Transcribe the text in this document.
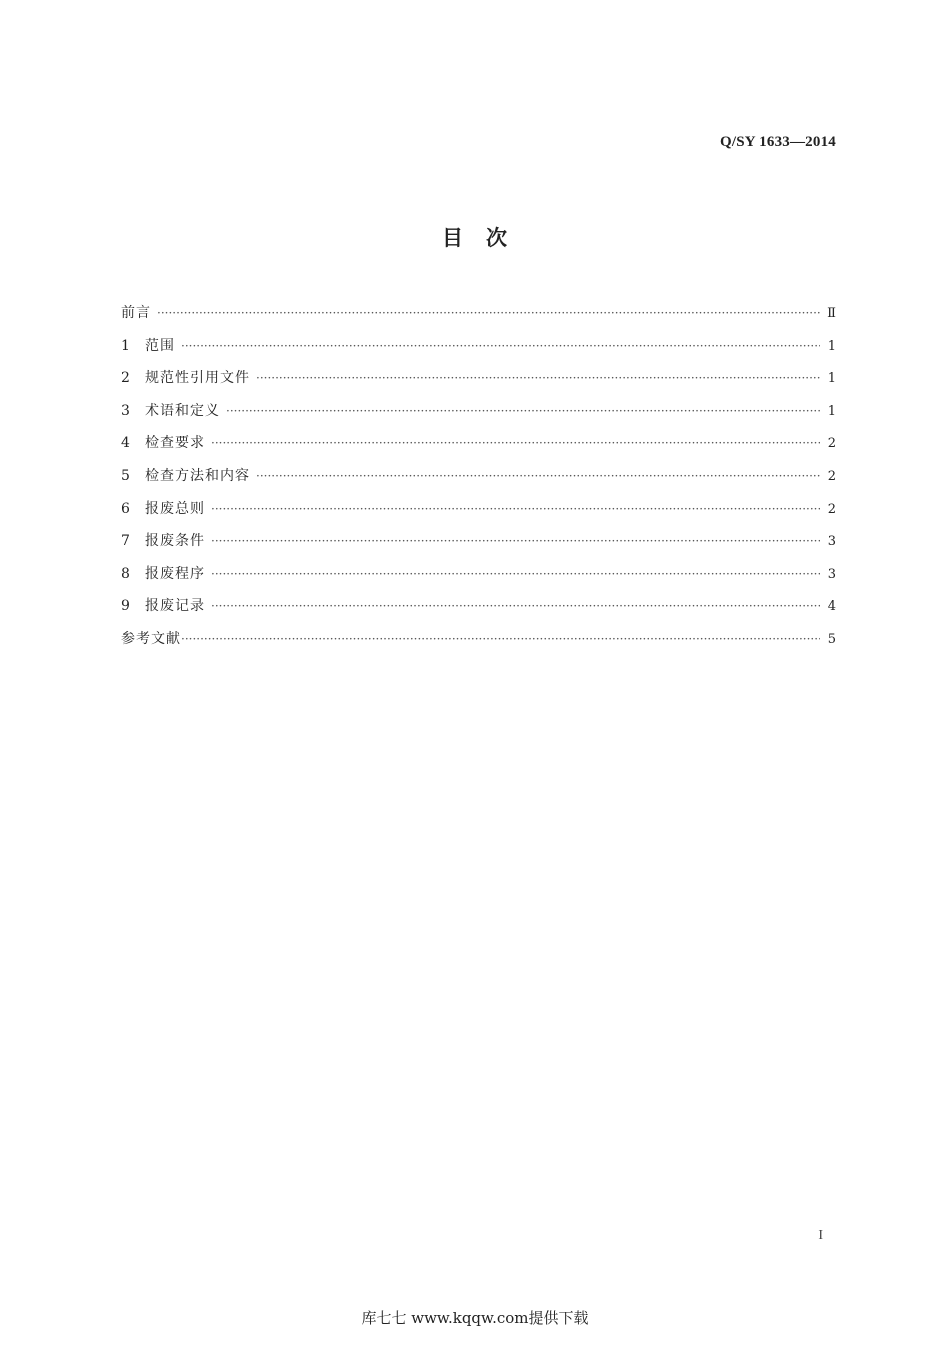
Q/SY 1633—2014
目　次
前言 ·····	Ⅱ
1	范围 ·····	1
2	规范性引用文件 ·····	1
3	术语和定义 ·····	1
4	检查要求 ·····	2
5	检查方法和内容 ·····	2
6	报废总则 ·····	2
7	报废条件 ·····	3
8	报废程序 ·····	3
9	报废记录 ·····	4
参考文献 ·····	5
I
库七七 www.kqqw.com提供下载
